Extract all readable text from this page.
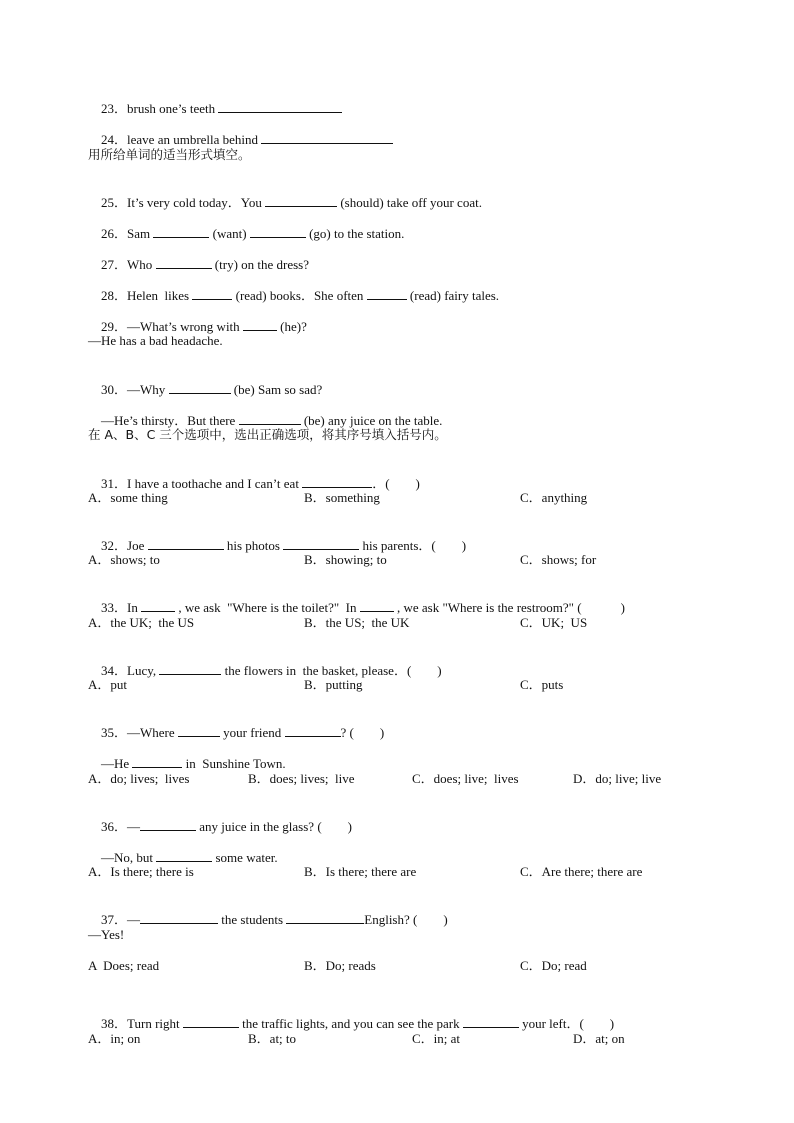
23．brush one’s teeth

24．leave an umbrella behind

用所给单词的适当形式填空。

25．It’s very cold today．You	(should) take off your coat.

26．Sam	(want)	(go) to the station.

27．Who	(try) on the dress?

28．Helen  likes	(read) books．She often	(read) fairy tales.

29．—What’s wrong with	(he)?

—He has a bad headache.

30．—Why	(be) Sam so sad?

—He’s thirsty．But there	(be) any juice on the table.

在 A、B、C 三个选项中，选出正确选项，将其序号填入括号内。

31．I have a toothache and I can’t eat	．(　　)

A．some thing	B．something	C．anything

32．Joe	his photos	his parents．(　　)

A．shows; to	B．showing; to	C．shows; for

33．In	, we ask  "Where is the toilet?"  In	, we ask "Where is the restroom?" (　　　)

A．the UK;  the US	B．the US;  the UK	C．UK;  US

34．Lucy,	the flowers in  the basket, please．(　　)

A．put	B．putting	C．puts

35．—Where	your friend	? (　　)

—He	in  Sunshine Town.

A．do; lives;  lives	B．does; lives;  live	C．does; live;  lives	D．do; live; live

36．—	any juice in the glass? (　　)

—No, but	some water.

A．Is there; there is	B．Is there; there are	C．Are there; there are

37．—	the students	English? (　　)

—Yes!
A  Does; read	B．Do; reads	C．Do; read

38．Turn right	the traffic lights, and you can see the park	your left．(　　)

A．in; on	B．at; to	C．in; at	D．at; on
